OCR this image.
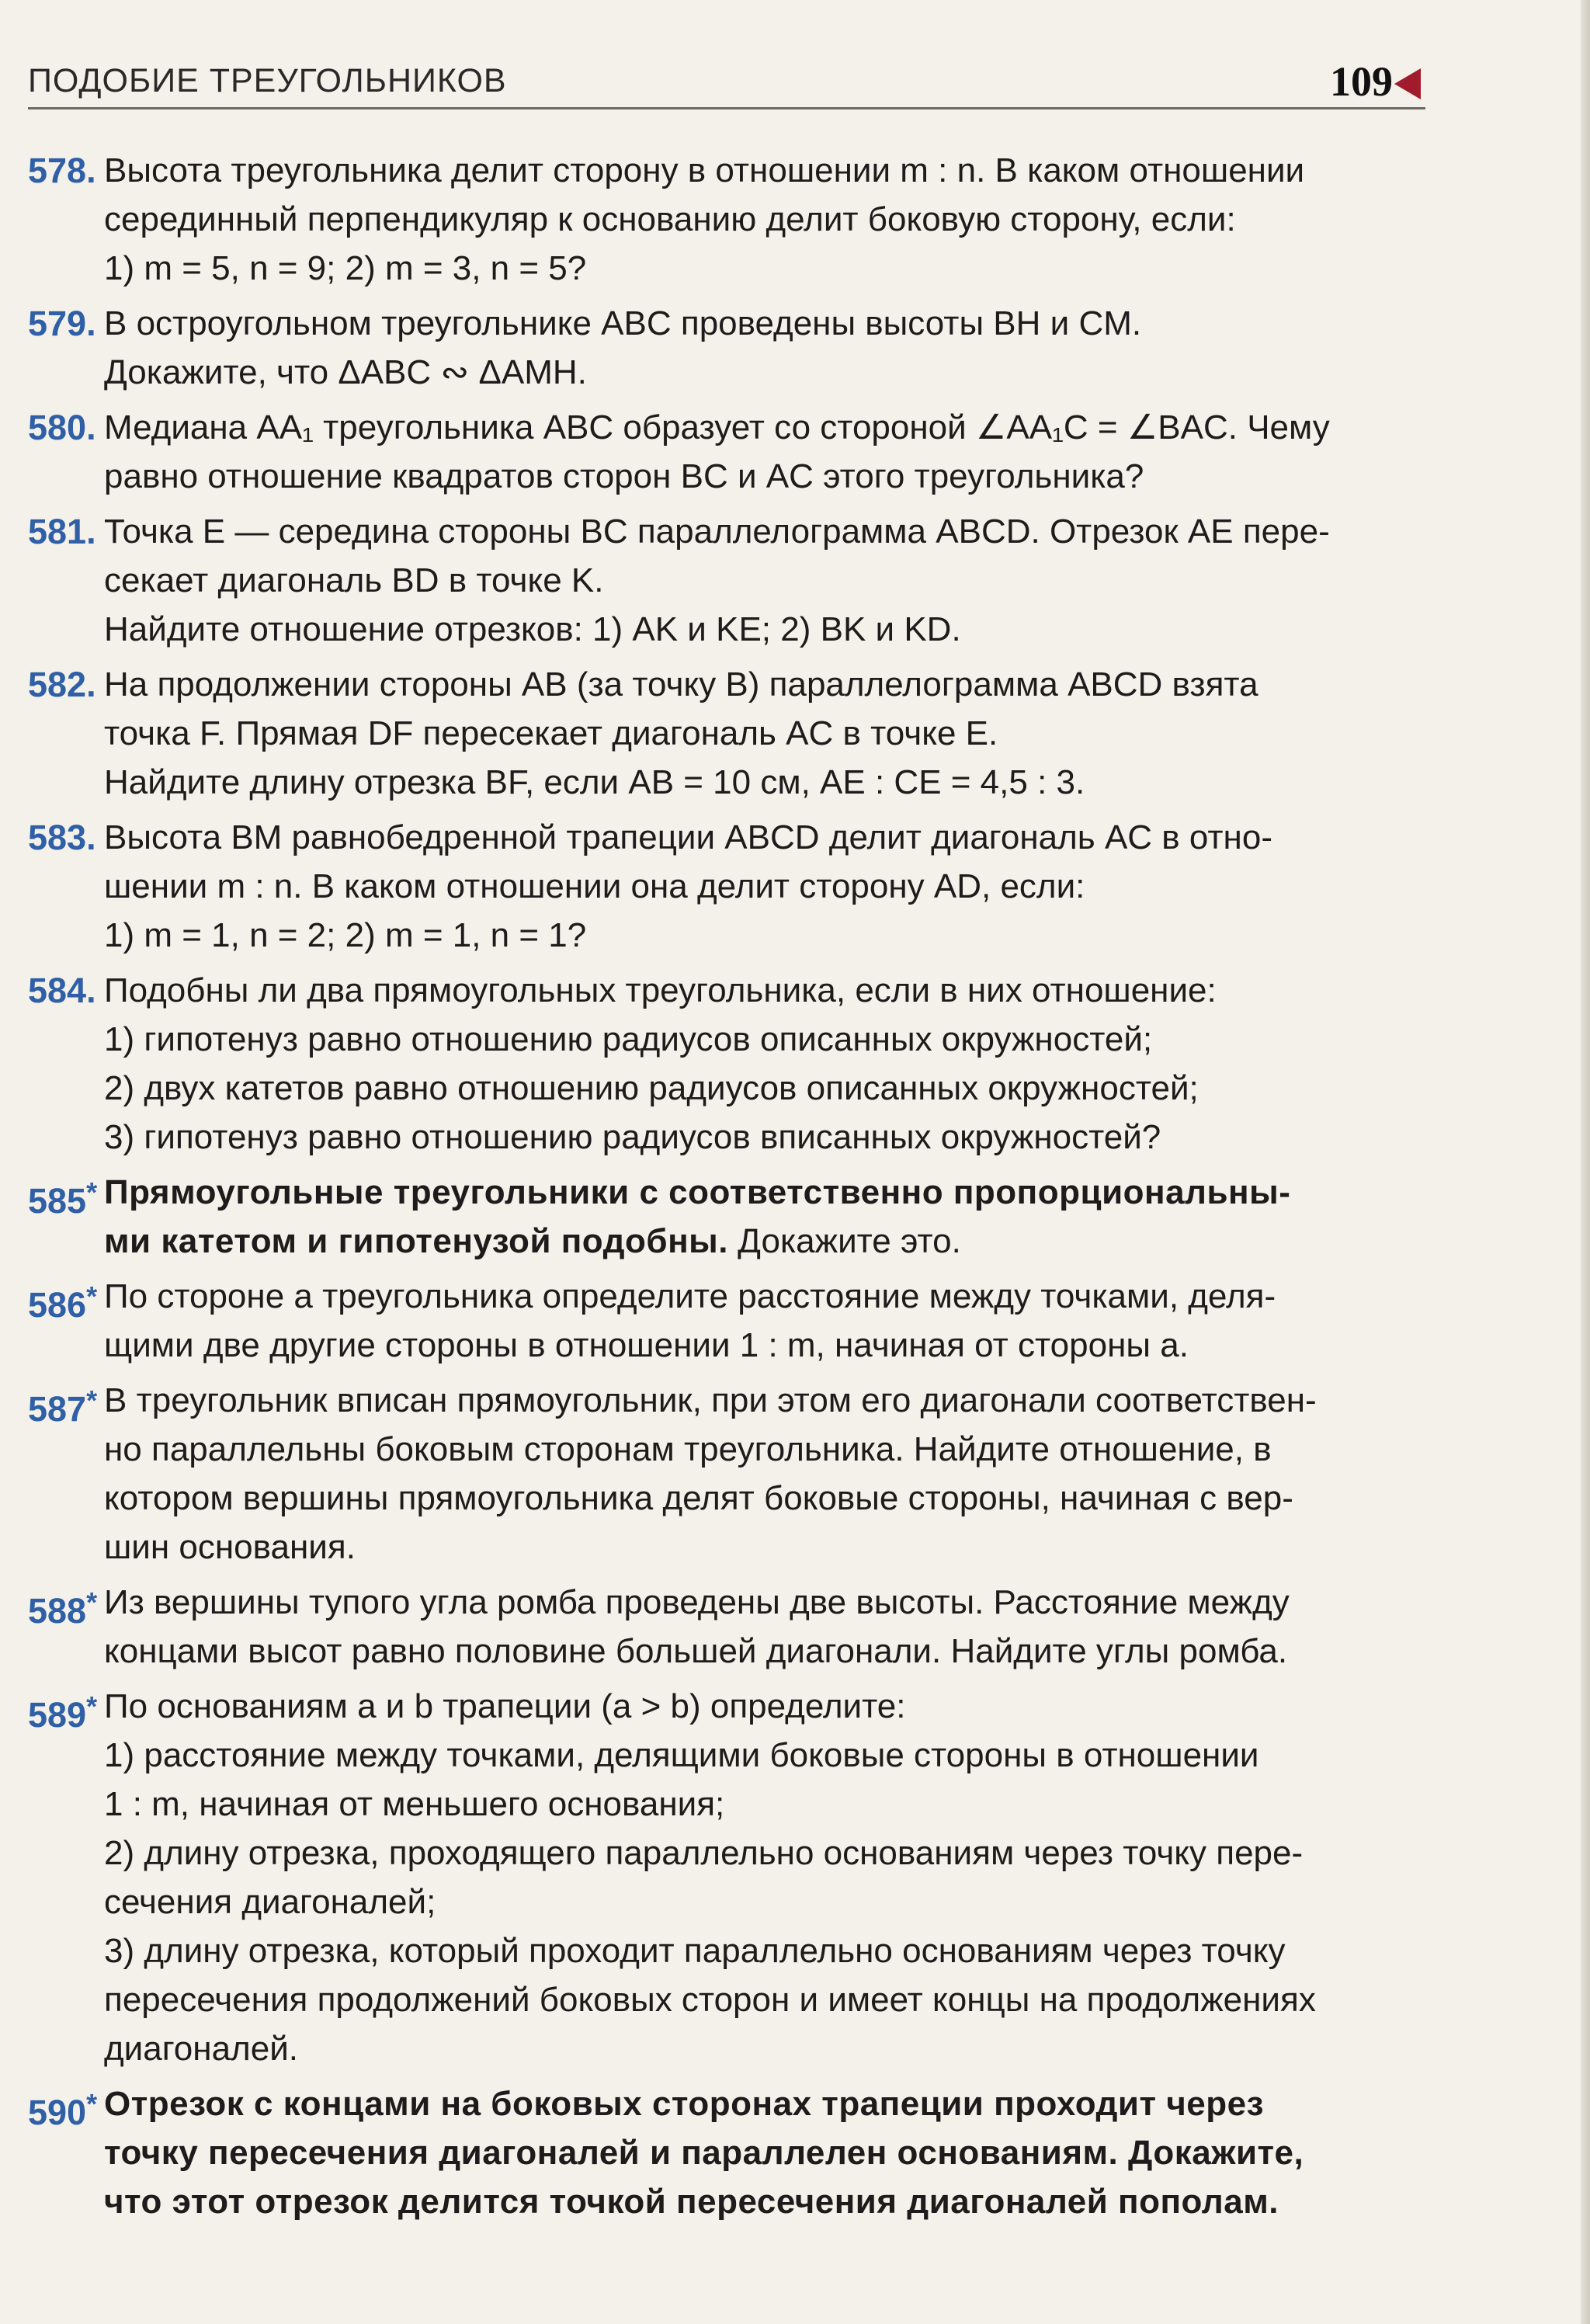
ПОДОБИЕ ТРЕУГОЛЬНИКОВ	109
578. Высота треугольника делит сторону в отношении m : n. В каком отношении
серединный перпендикуляр к основанию делит боковую сторону, если:
1) m = 5, n = 9; 2) m = 3, n = 5?
579. В остроугольном треугольнике ABC проведены высоты BH и CM.
Докажите, что ΔABC ∾ ΔAMH.
580. Медиана AA₁ треугольника ABC образует со стороной ∠AA₁C = ∠BAC. Чему
равно отношение квадратов сторон BC и AC этого треугольника?
581. Точка E — середина стороны BC параллелограмма ABCD. Отрезок AE пере-
секает диагональ BD в точке K.
Найдите отношение отрезков: 1) AK и KE; 2) BK и KD.
582. На продолжении стороны AB (за точку B) параллелограмма ABCD взята
точка F. Прямая DF пересекает диагональ AC в точке E.
Найдите длину отрезка BF, если AB = 10 см, AE : CE = 4,5 : 3.
583. Высота BM равнобедренной трапеции ABCD делит диагональ AC в отно-
шении m : n. В каком отношении она делит сторону AD, если:
1) m = 1, n = 2; 2) m = 1, n = 1?
584. Подобны ли два прямоугольных треугольника, если в них отношение:
1) гипотенуз равно отношению радиусов описанных окружностей;
2) двух катетов равно отношению радиусов описанных окружностей;
3) гипотенуз равно отношению радиусов вписанных окружностей?
585* Прямоугольные треугольники с соответственно пропорциональны-
ми катетом и гипотенузой подобны. Докажите это.
586* По стороне a треугольника определите расстояние между точками, деля-
щими две другие стороны в отношении 1 : m, начиная от стороны a.
587* В треугольник вписан прямоугольник, при этом его диагонали соответствен-
но параллельны боковым сторонам треугольника. Найдите отношение, в
котором вершины прямоугольника делят боковые стороны, начиная с вер-
шин основания.
588* Из вершины тупого угла ромба проведены две высоты. Расстояние между
концами высот равно половине большей диагонали. Найдите углы ромба.
589* По основаниям a и b трапеции (a > b) определите:
1) расстояние между точками, делящими боковые стороны в отношении
1 : m, начиная от меньшего основания;
2) длину отрезка, проходящего параллельно основаниям через точку пере-
сечения диагоналей;
3) длину отрезка, который проходит параллельно основаниям через точку
пересечения продолжений боковых сторон и имеет концы на продолжениях
диагоналей.
590* Отрезок с концами на боковых сторонах трапеции проходит через
точку пересечения диагоналей и параллелен основаниям. Докажите,
что этот отрезок делится точкой пересечения диагоналей пополам.
